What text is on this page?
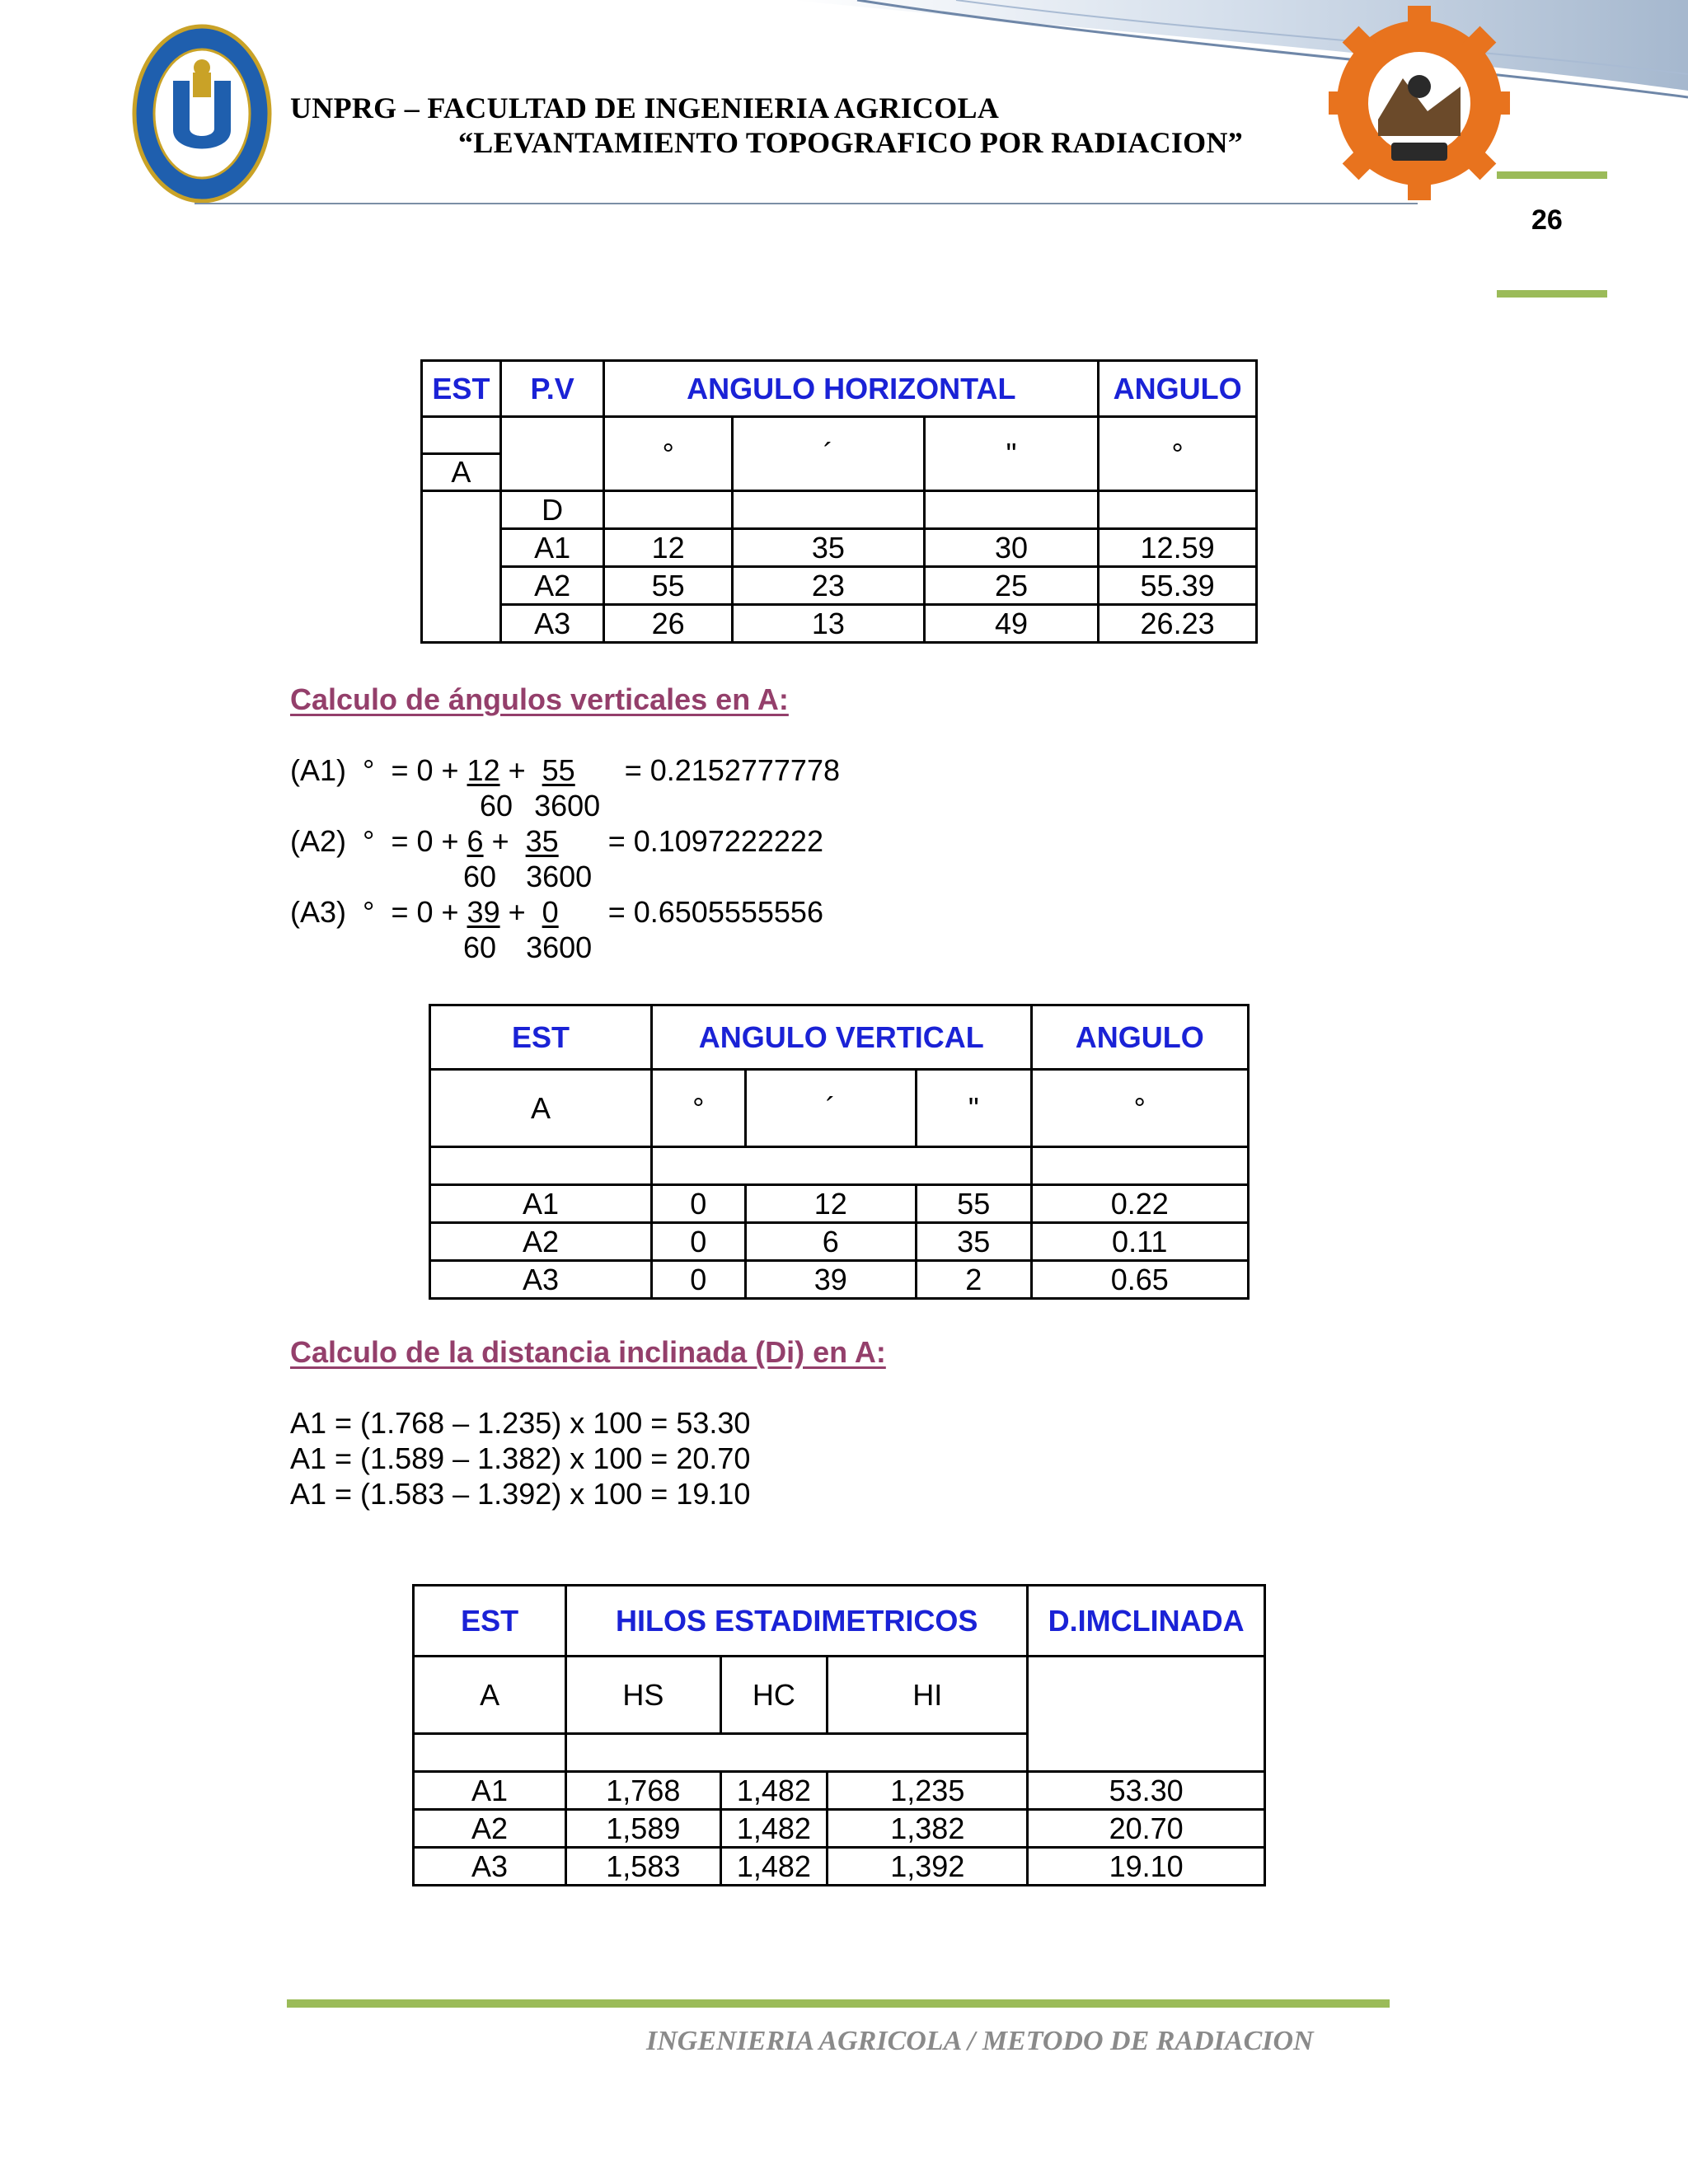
UNPRG – FACULTAD DE INGENIERIA AGRICOLA
“LEVANTAMIENTO TOPOGRAFICO POR RADIACION”
26
EST	P.V	ANGULO HORIZONTAL			ANGULO
		°	´	"	°
A					
	D				
	A1	12	35	30	12.59
	A2	55	23	25	55.39
	A3	26	13	49	26.23
Calculo de ángulos verticales en A:
(A1) ° = 0 + 12 + 55 = 0.2152777778
60 3600
(A2) ° = 0 + 6 + 35 = 0.1097222222
60 3600
(A3) ° = 0 + 39 + 0 = 0.6505555556
60 3600
EST	ANGULO VERTICAL			ANGULO
A	°	´	"	°

A1	0	12	55	0.22
A2	0	6	35	0.11
A3	0	39	2	0.65
Calculo de la distancia inclinada (Di) en A:
A1 = (1.768 – 1.235) x 100 = 53.30
A1 = (1.589 – 1.382) x 100 = 20.70
A1 = (1.583 – 1.392) x 100 = 19.10
EST	HILOS ESTADIMETRICOS			D.IMCLINADA
A	HS	HC	HI	

A1	1,768	1,482	1,235	53.30
A2	1,589	1,482	1,382	20.70
A3	1,583	1,482	1,392	19.10
INGENIERIA AGRICOLA / METODO DE RADIACION
